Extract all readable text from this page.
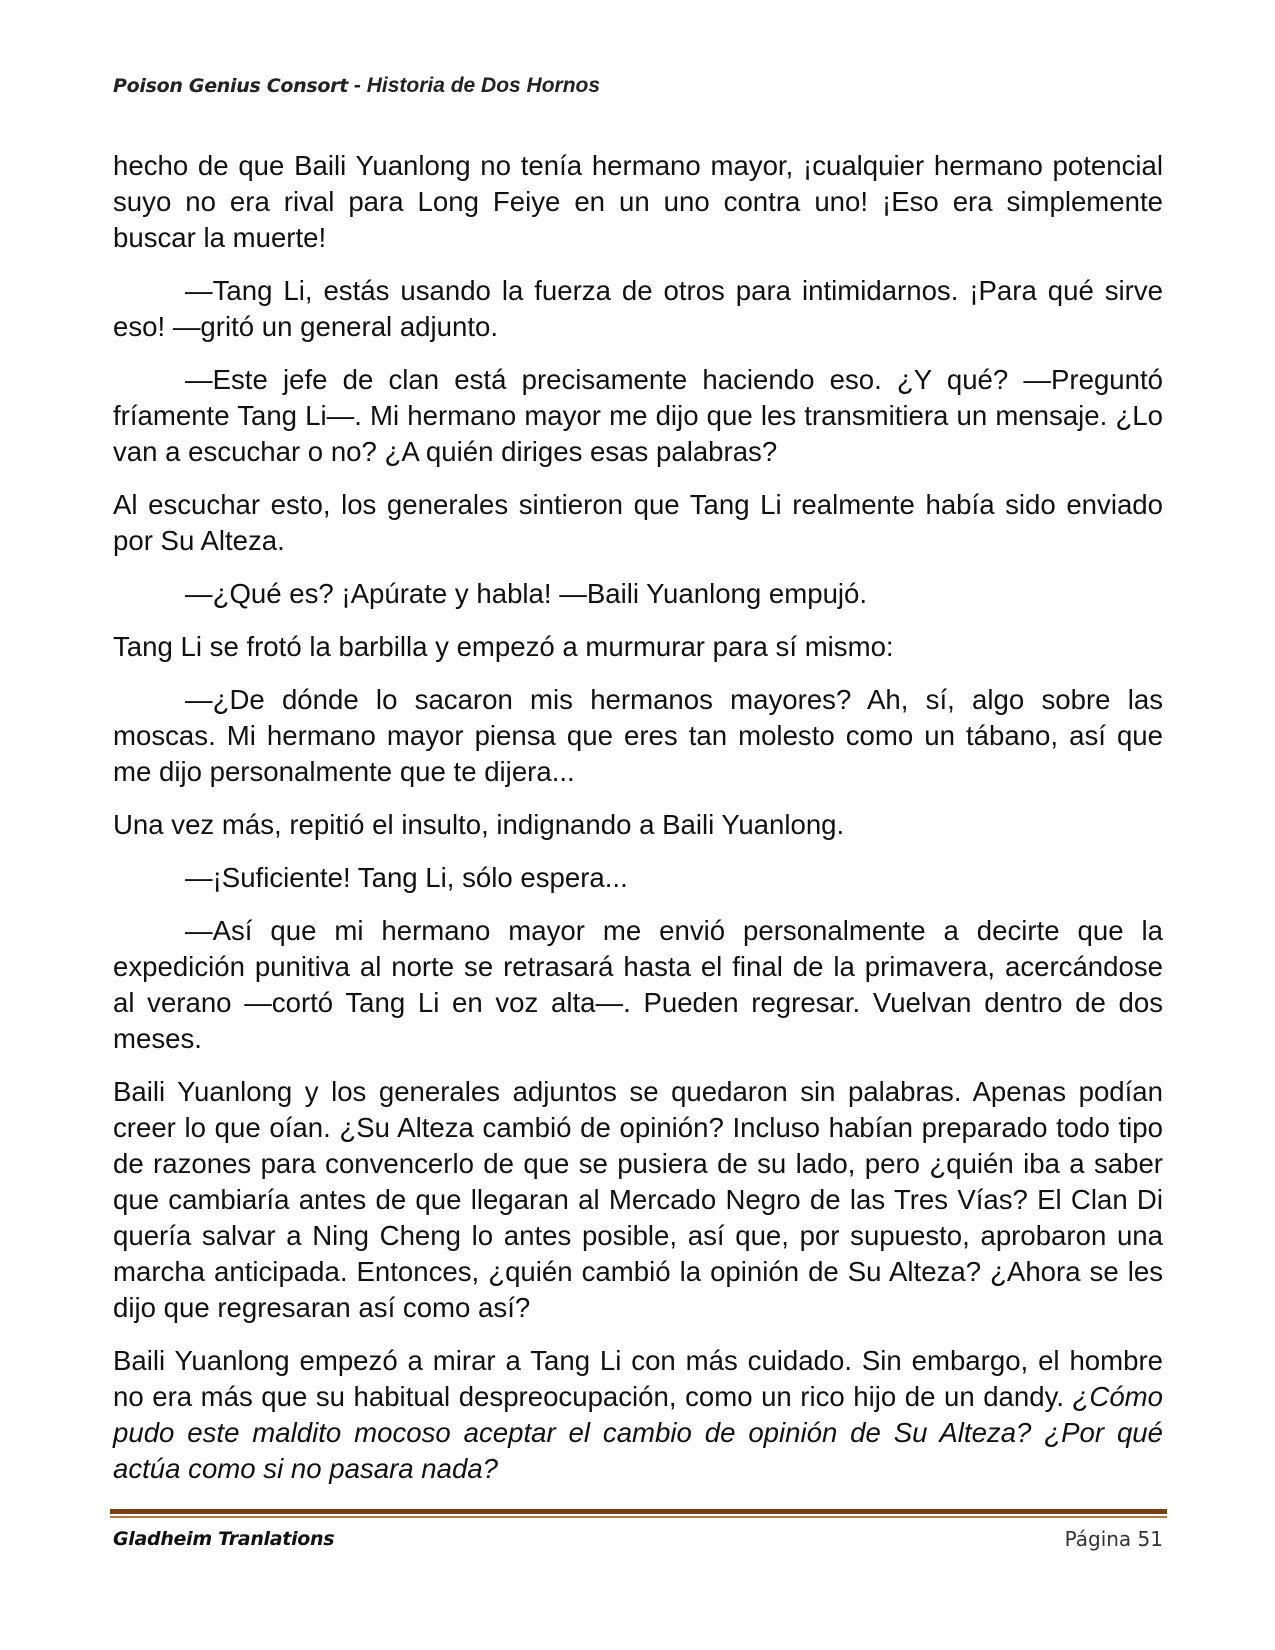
Poison Genius Consort - Historia de Dos Hornos

hecho de que Baili Yuanlong no tenía hermano mayor, ¡cualquier hermano potencial suyo no era rival para Long Feiye en un uno contra uno! ¡Eso era simplemente buscar la muerte!

—Tang Li, estás usando la fuerza de otros para intimidarnos. ¡Para qué sirve eso! —gritó un general adjunto.

—Este jefe de clan está precisamente haciendo eso. ¿Y qué? —Preguntó fríamente Tang Li—. Mi hermano mayor me dijo que les transmitiera un mensaje. ¿Lo van a escuchar o no? ¿A quién diriges esas palabras?

Al escuchar esto, los generales sintieron que Tang Li realmente había sido enviado por Su Alteza.

—¿Qué es? ¡Apúrate y habla! —Baili Yuanlong empujó.

Tang Li se frotó la barbilla y empezó a murmurar para sí mismo:

—¿De dónde lo sacaron mis hermanos mayores? Ah, sí, algo sobre las moscas. Mi hermano mayor piensa que eres tan molesto como un tábano, así que me dijo personalmente que te dijera...

Una vez más, repitió el insulto, indignando a Baili Yuanlong.

—¡Suficiente! Tang Li, sólo espera...

—Así que mi hermano mayor me envió personalmente a decirte que la expedición punitiva al norte se retrasará hasta el final de la primavera, acercándose al verano —cortó Tang Li en voz alta—. Pueden regresar. Vuelvan dentro de dos meses.

Baili Yuanlong y los generales adjuntos se quedaron sin palabras. Apenas podían creer lo que oían. ¿Su Alteza cambió de opinión? Incluso habían preparado todo tipo de razones para convencerlo de que se pusiera de su lado, pero ¿quién iba a saber que cambiaría antes de que llegaran al Mercado Negro de las Tres Vías? El Clan Di quería salvar a Ning Cheng lo antes posible, así que, por supuesto, aprobaron una marcha anticipada. Entonces, ¿quién cambió la opinión de Su Alteza? ¿Ahora se les dijo que regresaran así como así?

Baili Yuanlong empezó a mirar a Tang Li con más cuidado. Sin embargo, el hombre no era más que su habitual despreocupación, como un rico hijo de un dandy. ¿Cómo pudo este maldito mocoso aceptar el cambio de opinión de Su Alteza? ¿Por qué actúa como si no pasara nada?

Gladheim Tranlations	Página 51
